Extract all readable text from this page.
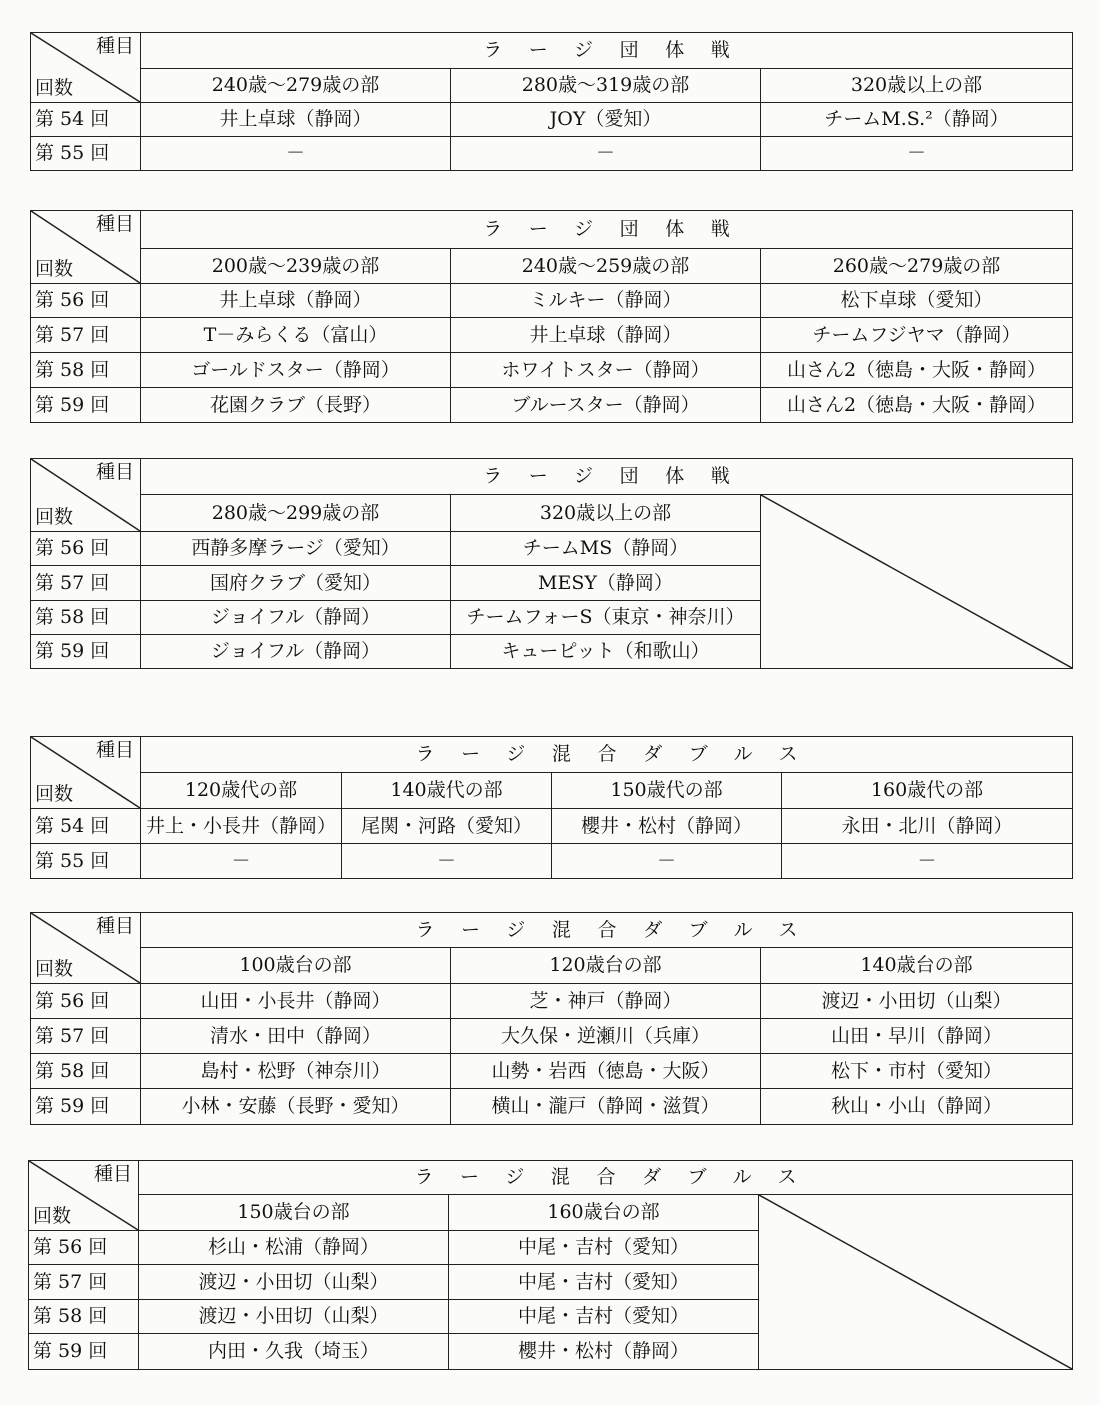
種目
回数	ラージ団体戦		
	240歳～279歳の部	280歳～319歳の部	320歳以上の部
第 54 回	井上卓球（静岡）	JOY（愛知）	チームM.S.²（静岡）
第 55 回	－	－	－
種目
回数	ラージ団体戦		
	200歳～239歳の部	240歳～259歳の部	260歳～279歳の部
第 56 回	井上卓球（静岡）	ミルキー（静岡）	松下卓球（愛知）
第 57 回	T－みらくる（富山）	井上卓球（静岡）	チームフジヤマ（静岡）
第 58 回	ゴールドスター（静岡）	ホワイトスター（静岡）	山さん2（徳島・大阪・静岡）
第 59 回	花園クラブ（長野）	ブルースター（静岡）	山さん2（徳島・大阪・静岡）
種目
回数	ラージ団体戦		
	280歳～299歳の部	320歳以上の部	

第 56 回	西静多摩ラージ（愛知）	チームMS（静岡）	
第 57 回	国府クラブ（愛知）	MESY（静岡）	
第 58 回	ジョイフル（静岡）	チームフォーS（東京・神奈川）	
第 59 回	ジョイフル（静岡）	キューピット（和歌山）	
種目
回数	ラージ混合ダブルス			
	120歳代の部	140歳代の部	150歳代の部	160歳代の部
第 54 回	井上・小長井（静岡）	尾関・河路（愛知）	櫻井・松村（静岡）	永田・北川（静岡）
第 55 回	－	－	－	－
種目
回数	ラージ混合ダブルス		
	100歳台の部	120歳台の部	140歳台の部
第 56 回	山田・小長井（静岡）	芝・神戸（静岡）	渡辺・小田切（山梨）
第 57 回	清水・田中（静岡）	大久保・逆瀬川（兵庫）	山田・早川（静岡）
第 58 回	島村・松野（神奈川）	山勢・岩西（徳島・大阪）	松下・市村（愛知）
第 59 回	小林・安藤（長野・愛知）	横山・瀧戸（静岡・滋賀）	秋山・小山（静岡）
種目
回数	ラージ混合ダブルス		
	150歳台の部	160歳台の部	

第 56 回	杉山・松浦（静岡）	中尾・吉村（愛知）	
第 57 回	渡辺・小田切（山梨）	中尾・吉村（愛知）	
第 58 回	渡辺・小田切（山梨）	中尾・吉村（愛知）	
第 59 回	内田・久我（埼玉）	櫻井・松村（静岡）	
